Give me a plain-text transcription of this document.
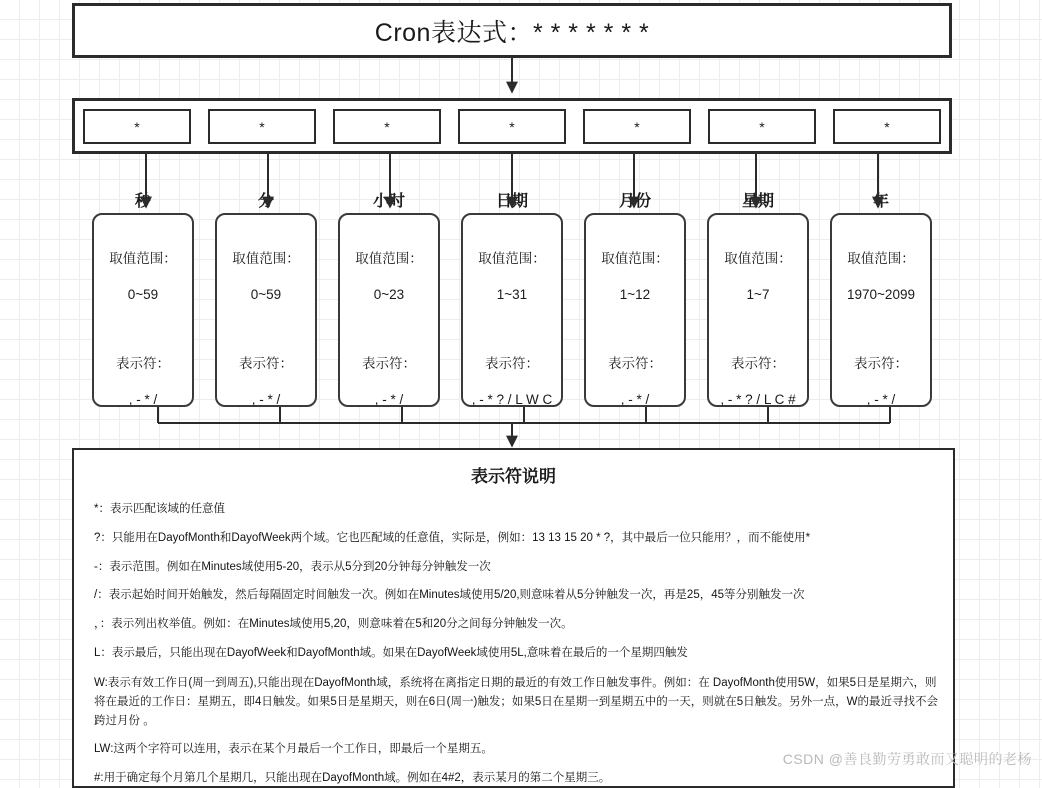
Cron表达式：* * * * * * *
*	*	*	*	*	*	*
秒

取值范围：

0~59

表示符：

, - * /

分

取值范围：

0~59

表示符：

, - * /

小时

取值范围：

0~23

表示符：

, - * /

日期

取值范围：

1~31

表示符：

, - * ? / L W C

月份

取值范围：

1~12

表示符：

, - * /

星期

取值范围：

1~7

表示符：

, - * ? / L C #

年

取值范围：

1970~2099

表示符：

, - * /

表示符说明
*：表示匹配该域的任意值
?：只能用在DayofMonth和DayofWeek两个域。它也匹配域的任意值，实际是，例如：13 13 15 20 * ?，其中最后一位只能用？，而不能使用*
-：表示范围。例如在Minutes域使用5-20，表示从5分到20分钟每分钟触发一次
/：表示起始时间开始触发，然后每隔固定时间触发一次。例如在Minutes域使用5/20,则意味着从5分钟触发一次，再是25，45等分别触发一次
，：表示列出枚举值。例如：在Minutes域使用5,20，则意味着在5和20分之间每分钟触发一次。
L：表示最后，只能出现在DayofWeek和DayofMonth域。如果在DayofWeek域使用5L,意味着在最后的一个星期四触发
W:表示有效工作日(周一到周五),只能出现在DayofMonth域，系统将在离指定日期的最近的有效工作日触发事件。例如：在 DayofMonth使用5W，如果5日是星期六，则将在最近的工作日：星期五，即4日触发。如果5日是星期天，则在6日(周一)触发；如果5日在星期一到星期五中的一天，则就在5日触发。另外一点，W的最近寻找不会跨过月份 。
LW:这两个字符可以连用，表示在某个月最后一个工作日，即最后一个星期五。
#:用于确定每个月第几个星期几，只能出现在DayofMonth域。例如在4#2，表示某月的第二个星期三。
CSDN @善良勤劳勇敢而又聪明的老杨
